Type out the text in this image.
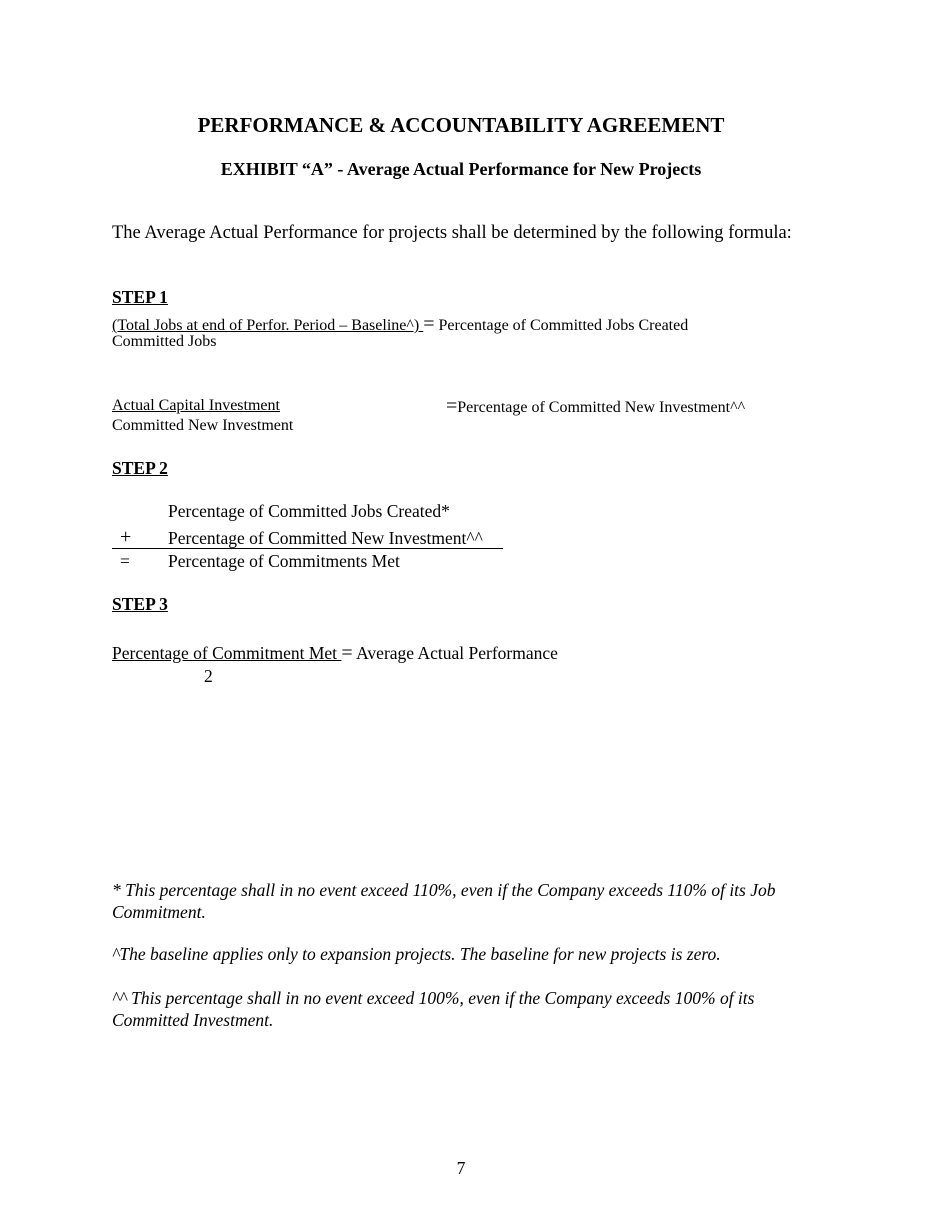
PERFORMANCE & ACCOUNTABILITY AGREEMENT
EXHIBIT “A” - Average Actual Performance for New Projects
The Average Actual Performance for projects shall be determined by the following formula:
STEP 1
(Total Jobs at end of Perfor. Period – Baseline^) = Percentage of Committed Jobs Created
Committed Jobs
Actual Capital Investment	=Percentage of Committed New Investment^^
Committed New Investment
STEP 2
Percentage of Committed Jobs Created*
+ Percentage of Committed New Investment^^
= Percentage of Commitments Met
STEP 3
Percentage of Commitment Met = Average Actual Performance
2
* This percentage shall in no event exceed 110%, even if the Company exceeds 110% of its Job Commitment.
^The baseline applies only to expansion projects. The baseline for new projects is zero.
^^ This percentage shall in no event exceed 100%, even if the Company exceeds 100% of its Committed Investment.
7
